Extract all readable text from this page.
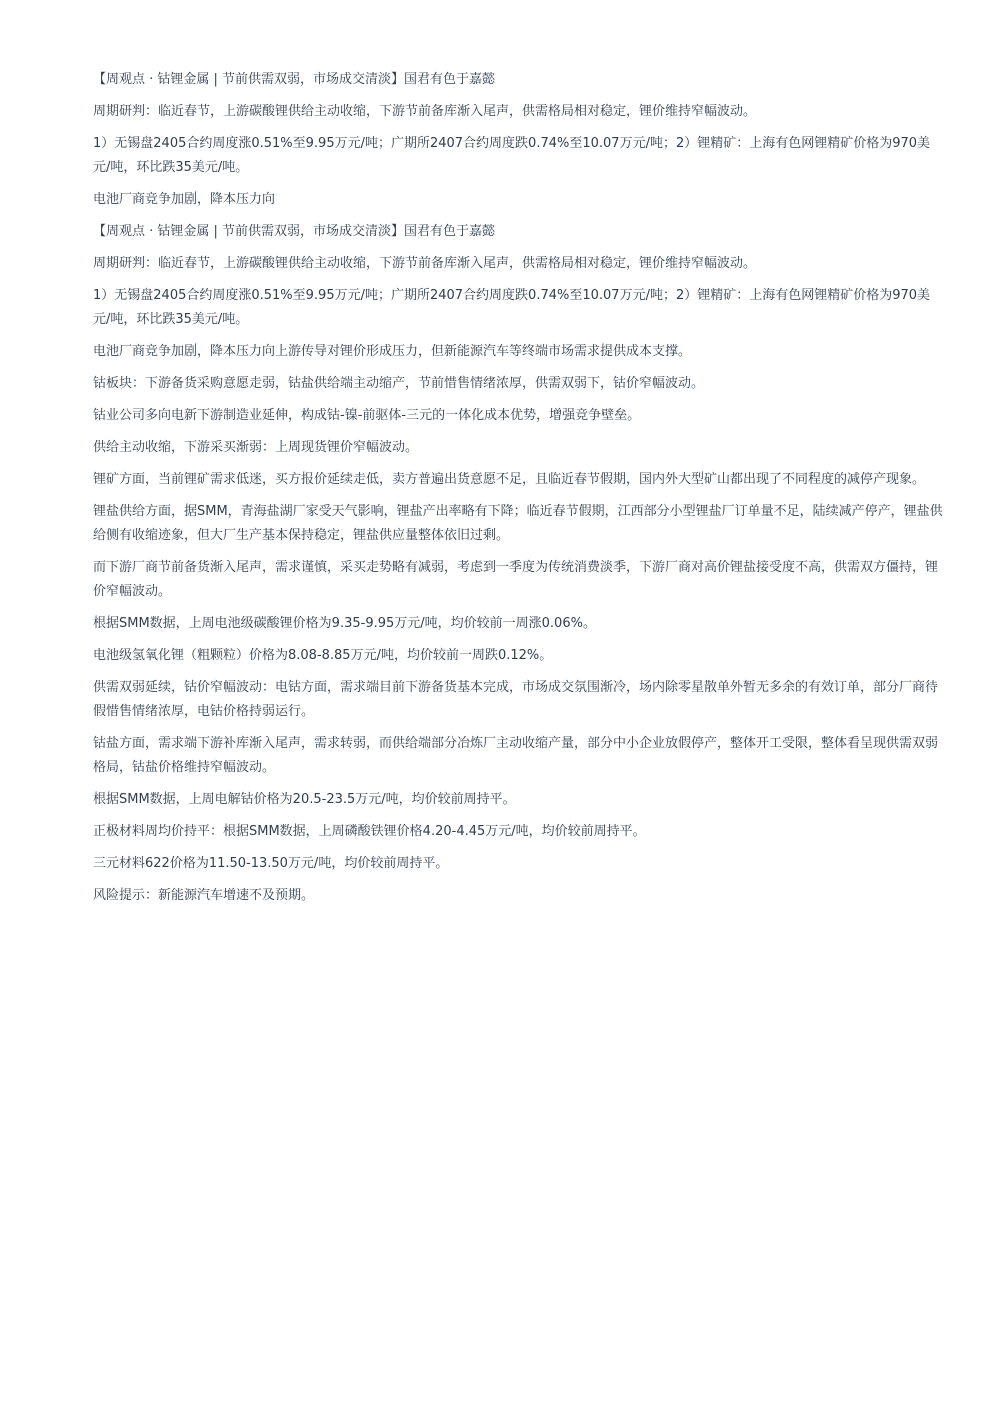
【周观点 · 钴锂金属 | 节前供需双弱，市场成交清淡】国君有色于嘉懿

周期研判：临近春节，上游碳酸锂供给主动收缩，下游节前备库渐入尾声，供需格局相对稳定，锂价维持窄幅波动。

1）无锡盘2405合约周度涨0.51%至9.95万元/吨；广期所2407合约周度跌0.74%至10.07万元/吨；2）锂精矿：上海有色网锂精矿价格为970美元/吨，环比跌35美元/吨。

电池厂商竞争加剧，降本压力向

【周观点 · 钴锂金属 | 节前供需双弱，市场成交清淡】国君有色于嘉懿

周期研判：临近春节，上游碳酸锂供给主动收缩，下游节前备库渐入尾声，供需格局相对稳定，锂价维持窄幅波动。

1）无锡盘2405合约周度涨0.51%至9.95万元/吨；广期所2407合约周度跌0.74%至10.07万元/吨；2）锂精矿：上海有色网锂精矿价格为970美元/吨，环比跌35美元/吨。

电池厂商竞争加剧，降本压力向上游传导对锂价形成压力，但新能源汽车等终端市场需求提供成本支撑。

钴板块：下游备货采购意愿走弱，钴盐供给端主动缩产，节前惜售情绪浓厚，供需双弱下，钴价窄幅波动。

钴业公司多向电新下游制造业延伸，构成钴-镍-前驱体-三元的一体化成本优势，增强竞争壁垒。

供给主动收缩，下游采买渐弱：上周现货锂价窄幅波动。

锂矿方面，当前锂矿需求低迷，买方报价延续走低，卖方普遍出货意愿不足，且临近春节假期，国内外大型矿山都出现了不同程度的减停产现象。

锂盐供给方面，据SMM，青海盐湖厂家受天气影响，锂盐产出率略有下降；临近春节假期，江西部分小型锂盐厂订单量不足，陆续减产停产，锂盐供给侧有收缩迹象，但大厂生产基本保持稳定，锂盐供应量整体依旧过剩。

而下游厂商节前备货渐入尾声，需求谨慎，采买走势略有减弱，考虑到一季度为传统消费淡季，下游厂商对高价锂盐接受度不高，供需双方僵持，锂价窄幅波动。

根据SMM数据，上周电池级碳酸锂价格为9.35-9.95万元/吨，均价较前一周涨0.06%。

电池级氢氧化锂（粗颗粒）价格为8.08-8.85万元/吨，均价较前一周跌0.12%。

供需双弱延续，钴价窄幅波动：电钴方面，需求端目前下游备货基本完成，市场成交氛围渐冷，场内除零星散单外暂无多余的有效订单，部分厂商待假惜售情绪浓厚，电钴价格持弱运行。

钴盐方面，需求端下游补库渐入尾声，需求转弱，而供给端部分冶炼厂主动收缩产量，部分中小企业放假停产，整体开工受限，整体看呈现供需双弱格局，钴盐价格维持窄幅波动。

根据SMM数据，上周电解钴价格为20.5-23.5万元/吨，均价较前周持平。

正极材料周均价持平：根据SMM数据，上周磷酸铁锂价格4.20-4.45万元/吨，均价较前周持平。

三元材料622价格为11.50-13.50万元/吨，均价较前周持平。

风险提示：新能源汽车增速不及预期。
